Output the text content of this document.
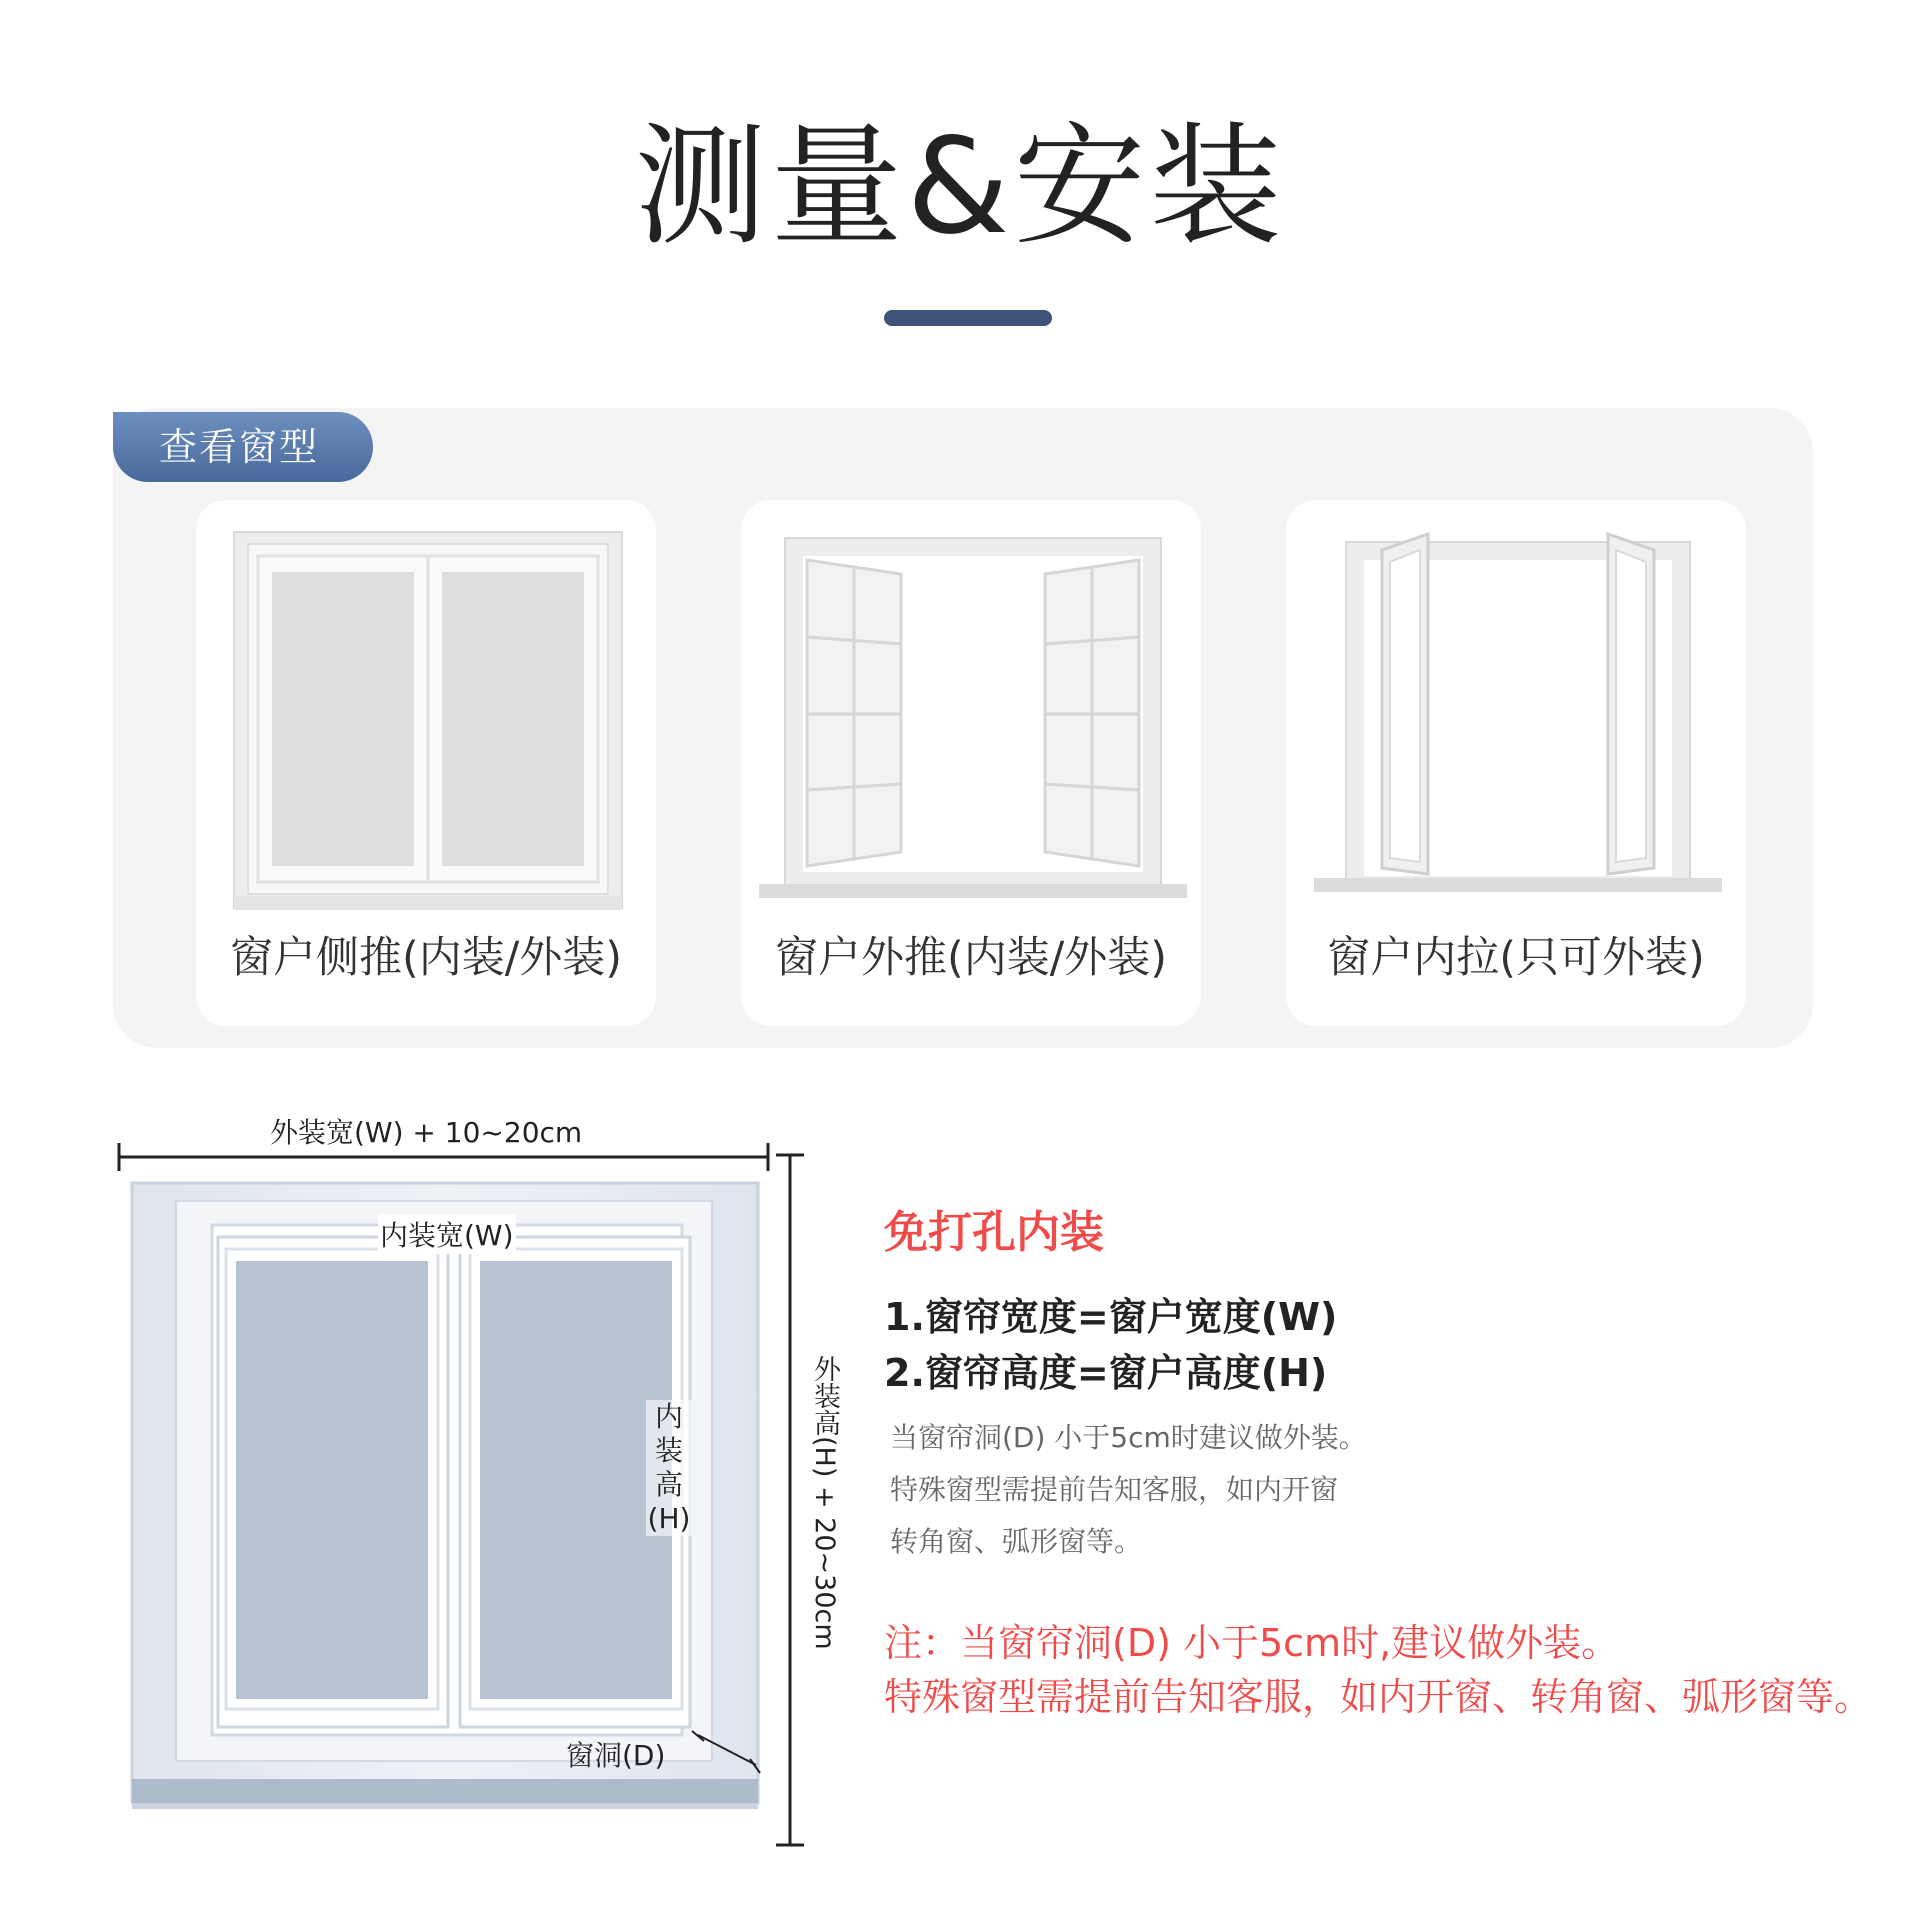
测量&安装
查看窗型
窗户侧推(内装/外装)	窗户外推(内装/外装)	窗户内拉(只可外装)
外装宽(W) + 10~20cm
内装宽(W)
内
装
高
(H)	外装高(H) + 20~30cm
窗洞(D)
免打孔内装
1.窗帘宽度=窗户宽度(W)
2.窗帘高度=窗户高度(H)
当窗帘洞(D) 小于5cm时建议做外装。
特殊窗型需提前告知客服，如内开窗
转角窗、弧形窗等。
注：当窗帘洞(D) 小于5cm时,建议做外装。
特殊窗型需提前告知客服，如内开窗、转角窗、弧形窗等。
